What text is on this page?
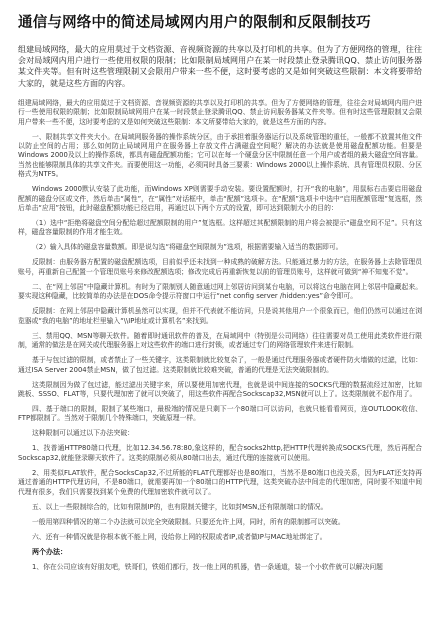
通信与网络中的简述局域网内用户的限制和反限制技巧

组建局域网络，最大的应用莫过于文档资源、音视频资源的共享以及打印机的共享。但为了方便网络的管理，往往会对局域网内用户进行一些使用权限的限制；比如限制局域网用户在某一时段禁止登录腾讯QQ、禁止访问服务器某文件夹等。但有时这些管理限制又会限用户带来一些不便，这时要考虑的又是如何突破这些限制：本文将要带给大家的，就是这些方面的内容。

组建局域网络，最大的应用莫过于文档资源、音视频资源的共享以及打印机的共享。但为了方便网络的管理，往往会对局域网内用户进行一些使用权限的限制；比如限制局域网用户在某一时段禁止登录腾讯QQ、禁止访问服务器某文件夹等。但有时这些管理限制又会限用户带来一些不便，这时要考虑的又是如何突破这些限制：本文所要带给大家的，就是这些方面的内容。

一、限制共享文件夹大小。在局域网服务器的操作系统分区，由于承担着服务器运行以及系统管理的重任，一般都不放置其他文件以防止空间的占用；那么如何防止局域网用户在服务器上存放文件占满磁盘空间呢？解决的办法就是使用磁盘配额功能。但要是Windows 2000及以上的操作系统，都具有磁盘配额功能；它可以在每一个硬盘分区中限制任意一个用户或者组的最大磁盘空间容量。当然也能够限制具体的共享文件夹。而要使用这一功能，必须同时具备三要素：Windows 2000以上操作系统、具有管理员权限、分区格式为NTFS。

Windows 2000默认安装了此功能，而Windows XP则需要手动安装。要设置配额时，打开“我的电脑”，用鼠标右击要启用磁盘配额的磁盘分区或文件，然后单击“属性”，在“属性”对话框中，单击“配额”选项卡。在“配额”选项卡中选中“启用配额管理”复选框，然后单击“应用”按钮，此时磁盘配额功能已经启用，再通过以下两个方式的设置，即可达到限制大小的目的：

（1）选中“拒绝将磁盘空间分配给超过配额限制的用户”复选框。这样超过其配额限制的用户将会被提示“磁盘空间不足”。只有这样，磁盘容量限制的作用才能生效。

（2）输入具体的磁盘容量数额。即是说勾选“将磁盘空间限制为”选项，根据需要输入适当的数据即可。

反限制：由服务器方配置的磁盘配额选项，目前似乎还未找到一种成熟的破解方法。只能通过暴力的方法，在服务器上去除管理员账号，再重新自己配置一个管理员账号来修改配额选项；修改完成后再重新恢复以前的管理员账号，这样就可做到“神不知鬼不觉”。

二、在“网上邻居”中隐藏计算机。有时为了限制别人随意通过网上邻居访问到某台电脑，可以将这台电脑在网上邻居中隐藏起来。要实现这种隐藏，比较简单的办法是在DOS命令提示符窗口中运行“net config server /hidden:yes”命令即可。

反限制：在网上邻居中隐藏计算机虽然可以实现，但并不代表就不能访问，只是说其他用户一个很象而已，他们仍然可以通过在浏览器或“我的电脑”的地址栏里输入“\\IP地址或计算机名”来找到。

三、禁用QQ、MSN等聊天软件。随着即时通讯软件的普及，在局域网中（特别是公司网络）往往需要对员工使用此类软件进行限制，通常的做法是在网关或代理服务器上对这些软件的端口进行封锁，或者通过专门的网络管理软件来进行限制。

基于与包过滤的限制，或者禁止了一些关键字，这类限制就比较复杂了，一般是通过代理服务器或者硬件防火墙做的过滤，比如：通过ISA Server 2004禁止MSN，做了包过滤。这类限制就比较难突破，普通的代理是无法突破限制的。

这类限制因为做了包过滤，能过滤出关键字来，所以要使用加密代理，也就是说中间连接的SOCKS代理的数据流经过加密，比如跳板、SSSO、FLAT等，只要代理加密了就可以突破了，用这些软件再配合Sockscap32,MSN就可以上了。这类限制就不起作用了。

四、基于端口的限制，限制了某些端口，最极端的情况是只剩下一个80端口可以访问，也就只能看看网页，连OUTLOOK收信、FTP都限制了。当然对于限制几个特殊端口，突破原理一样。

这种限制可以通过以下办法突破：

1、找普通HTTP80端口代理，比如12.34.56.78:80,象这样的，配合socks2http,把HTTP代理转换成SOCKS代理，然后再配合Sockscap32,就能登录聊天软件了。这类的限制必须从80端口出去，通过代理的连接就可以使用。

2、用类似FLAT软件，配合SocksCap32,不过所能的FLAT代理都好也是80端口，当然不是80端口也没关系，因为FLAT还支持再通过普通的HTTP代理访问，不是80端口，就需要再加一个80端口的HTTP代理，这类突破办法中间走的代理加密，同时要不知道中间代理有很多，我们只需要找到某个免费的代理加密软件就可以了。

五、以上一些限制综合的，比如有限制IP的，也有限制关键字，比如封MSN,还有限制端口的情况。

一般用第四种情况的第二个办法就可以完全突破限制。只要还允许上网，同时，所有的限制都可以突破。

六、还有一种情况就是你根本就不能上网，没给你上网的权限或者IP,或者做IP与MAC地址绑定了。

两个办法：

1、你在公司应该有好朋友吧，铁哥们，铁姐们都行，找一他上网的机器，借一条通道，装一个小软件就可以解决问题
